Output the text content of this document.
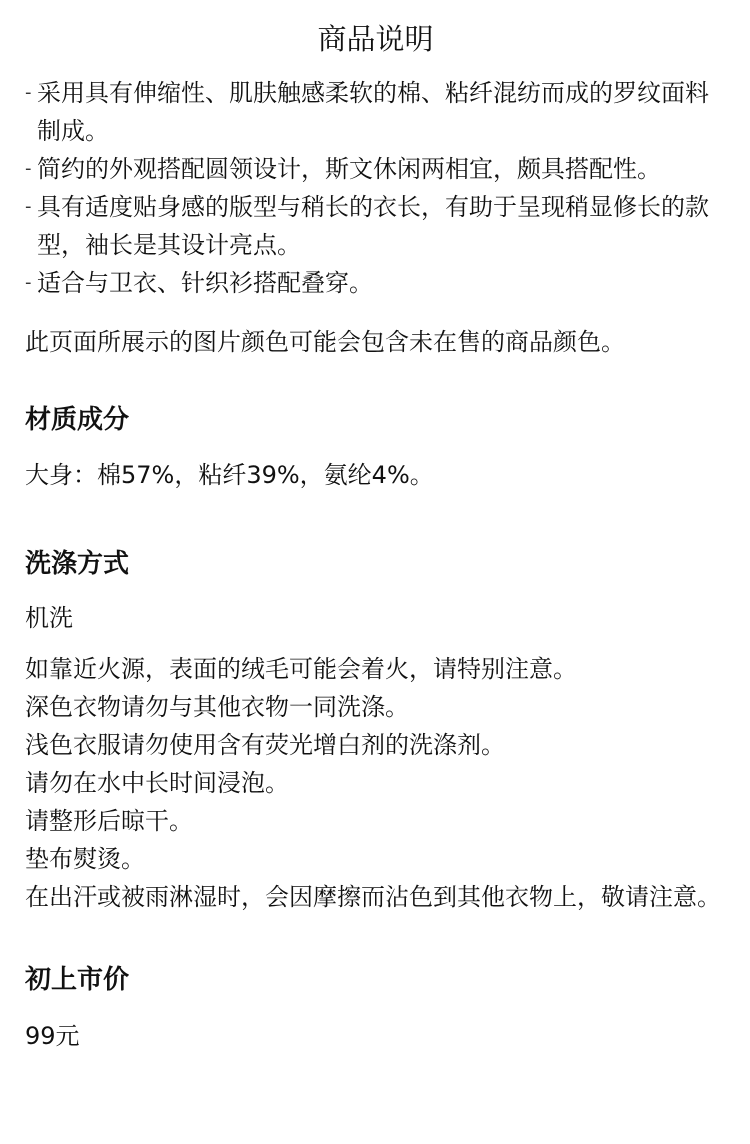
商品说明
- 采用具有伸缩性、肌肤触感柔软的棉、粘纤混纺而成的罗纹面料制成。
- 简约的外观搭配圆领设计，斯文休闲两相宜，颇具搭配性。
- 具有适度贴身感的版型与稍长的衣长，有助于呈现稍显修长的款型，袖长是其设计亮点。
- 适合与卫衣、针织衫搭配叠穿。

此页面所展示的图片颜色可能会包含未在售的商品颜色。

材质成分

大身：棉57%，粘纤39%，氨纶4%。

洗涤方式

机洗

如靠近火源，表面的绒毛可能会着火，请特别注意。

深色衣物请勿与其他衣物一同洗涤。

浅色衣服请勿使用含有荧光增白剂的洗涤剂。

请勿在水中长时间浸泡。

请整形后晾干。

垫布熨烫。

在出汗或被雨淋湿时，会因摩擦而沾色到其他衣物上，敬请注意。

初上市价

99元
